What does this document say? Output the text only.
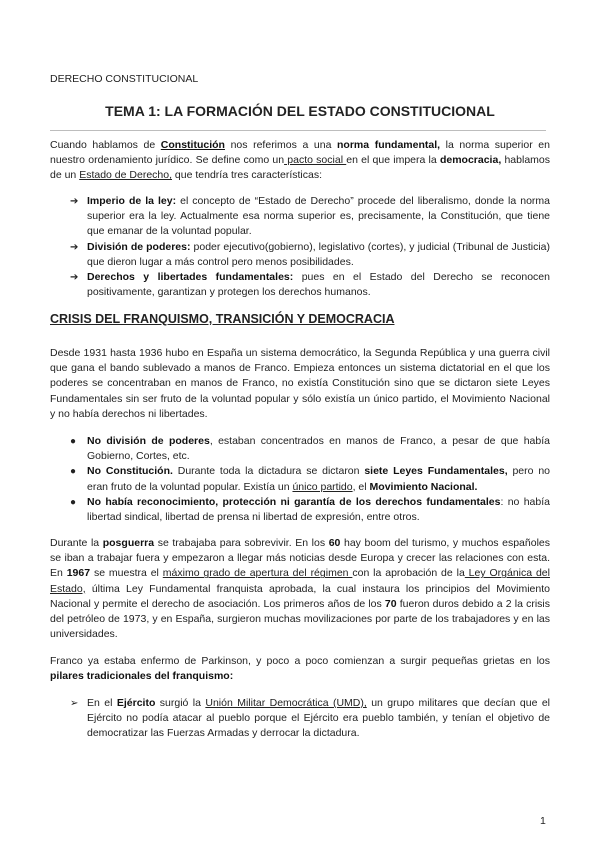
DERECHO CONSTITUCIONAL
TEMA 1: LA FORMACIÓN DEL ESTADO CONSTITUCIONAL

Cuando hablamos de Constitución nos referimos a una norma fundamental, la norma superior en nuestro ordenamiento jurídico. Se define como un pacto social en el que impera la democracia, hablamos de un Estado de Derecho, que tendría tres características:

➔ Imperio de la ley: el concepto de “Estado de Derecho” procede del liberalismo, donde la norma superior era la ley. Actualmente esa norma superior es, precisamente, la Constitución, que tiene que emanar de la voluntad popular.
➔ División de poderes: poder ejecutivo(gobierno), legislativo (cortes), y judicial (Tribunal de Justicia) que dieron lugar a más control pero menos posibilidades.
➔ Derechos y libertades fundamentales: pues en el Estado del Derecho se reconocen positivamente, garantizan y protegen los derechos humanos.
CRISIS DEL FRANQUISMO, TRANSICIÓN Y DEMOCRACIA

Desde 1931 hasta 1936 hubo en España un sistema democrático, la Segunda República y una guerra civil que gana el bando sublevado a manos de Franco. Empieza entonces un sistema dictatorial en el que los poderes se concentraban en manos de Franco, no existía Constitución sino que se dictaron siete Leyes Fundamentales sin ser fruto de la voluntad popular y sólo existía un único partido, el Movimiento Nacional y no había derechos ni libertades.

●	No división de poderes, estaban concentrados en manos de Franco, a pesar de que había Gobierno, Cortes, etc.
●	No Constitución. Durante toda la dictadura se dictaron siete Leyes Fundamentales, pero no eran fruto de la voluntad popular. Existía un único partido, el Movimiento Nacional.
●	No había reconocimiento, protección ni garantía de los derechos fundamentales: no había libertad sindical, libertad de prensa ni libertad de expresión, entre otros.

Durante la posguerra se trabajaba para sobrevivir. En los 60 hay boom del turismo, y muchos españoles se iban a trabajar fuera y empezaron a llegar más noticias desde Europa y crecer las relaciones con esta. En 1967 se muestra el máximo grado de apertura del régimen con la aprobación de la Ley Orgánica del Estado, última Ley Fundamental franquista aprobada, la cual instaura los principios del Movimiento Nacional y permite el derecho de asociación. Los primeros años de los 70 fueron duros debido a 2 la crisis del petróleo de 1973, y en España, surgieron muchas movilizaciones por parte de los trabajadores y en las universidades.

Franco ya estaba enfermo de Parkinson, y poco a poco comienzan a surgir pequeñas grietas en los pilares tradicionales del franquismo:

➢ En el Ejército surgió la Unión Militar Democrática (UMD), un grupo militares que decían que el Ejército no podía atacar al pueblo porque el Ejército era pueblo también, y tenían el objetivo de democratizar las Fuerzas Armadas y derrocar la dictadura.
1
